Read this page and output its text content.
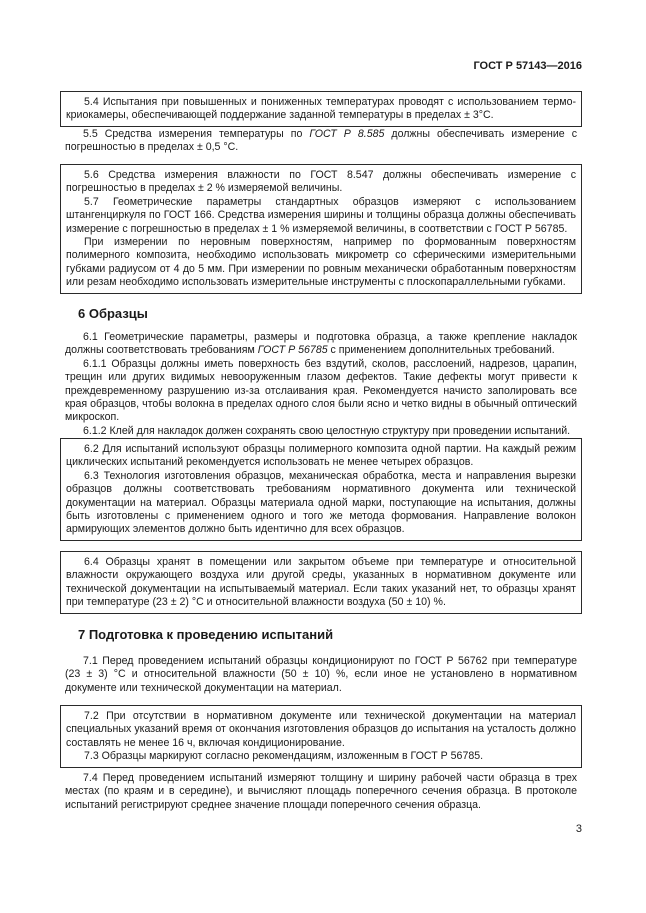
ГОСТ Р 57143—2016

5.4 Испытания при повышенных и пониженных температурах проводят с использованием термо-криокамеры, обеспечивающей поддержание заданной температуры в пределах ± 3°С.

5.5 Средства измерения температуры по ГОСТ Р 8.585 должны обеспечивать измерение с погрешностью в пределах ± 0,5 °С.

5.6 Средства измерения влажности по ГОСТ 8.547 должны обеспечивать измерение с погрешностью в пределах ± 2 % измеряемой величины.

5.7 Геометрические параметры стандартных образцов измеряют с использованием штангенциркуля по ГОСТ 166. Средства измерения ширины и толщины образца должны обеспечивать измерение с погрешностью в пределах ± 1 % измеряемой величины, в соответствии с ГОСТ Р 56785.

При измерении по неровным поверхностям, например по формованным поверхностям полимерного композита, необходимо использовать микрометр со сферическими измерительными губками радиусом от 4 до 5 мм. При измерении по ровным механически обработанным поверхностям или резам необходимо использовать измерительные инструменты с плоскопараллельными губками.

6 Образцы

6.1 Геометрические параметры, размеры и подготовка образца, а также крепление накладок должны соответствовать требованиям ГОСТ Р 56785 с применением дополнительных требований.

6.1.1 Образцы должны иметь поверхность без вздутий, сколов, расслоений, надрезов, царапин, трещин или других видимых невооруженным глазом дефектов. Такие дефекты могут привести к преждевременному разрушению из-за отслаивания края. Рекомендуется начисто заполировать все края образцов, чтобы волокна в пределах одного слоя были ясно и четко видны в обычный оптический микроскоп.

6.1.2 Клей для накладок должен сохранять свою целостную структуру при проведении испытаний.

6.2 Для испытаний используют образцы полимерного композита одной партии. На каждый режим циклических испытаний рекомендуется использовать не менее четырех образцов.

6.3 Технология изготовления образцов, механическая обработка, места и направления вырезки образцов должны соответствовать требованиям нормативного документа или технической документации на материал. Образцы материала одной марки, поступающие на испытания, должны быть изготовлены с применением одного и того же метода формования. Направление волокон армирующих элементов должно быть идентично для всех образцов.

6.4 Образцы хранят в помещении или закрытом объеме при температуре и относительной влажности окружающего воздуха или другой среды, указанных в нормативном документе или технической документации на испытываемый материал. Если таких указаний нет, то образцы хранят при температуре (23 ± 2) °С и относительной влажности воздуха (50 ± 10) %.

7 Подготовка к проведению испытаний

7.1 Перед проведением испытаний образцы кондиционируют по ГОСТ Р 56762 при температуре (23 ± 3) °С и относительной влажности (50 ± 10) %, если иное не установлено в нормативном документе или технической документации на материал.

7.2 При отсутствии в нормативном документе или технической документации на материал специальных указаний время от окончания изготовления образцов до испытания на усталость должно составлять не менее 16 ч, включая кондиционирование.

7.3 Образцы маркируют согласно рекомендациям, изложенным в ГОСТ Р 56785.

7.4 Перед проведением испытаний измеряют толщину и ширину рабочей части образца в трех местах (по краям и в середине), и вычисляют площадь поперечного сечения образца. В протоколе испытаний регистрируют среднее значение площади поперечного сечения образца.

3
